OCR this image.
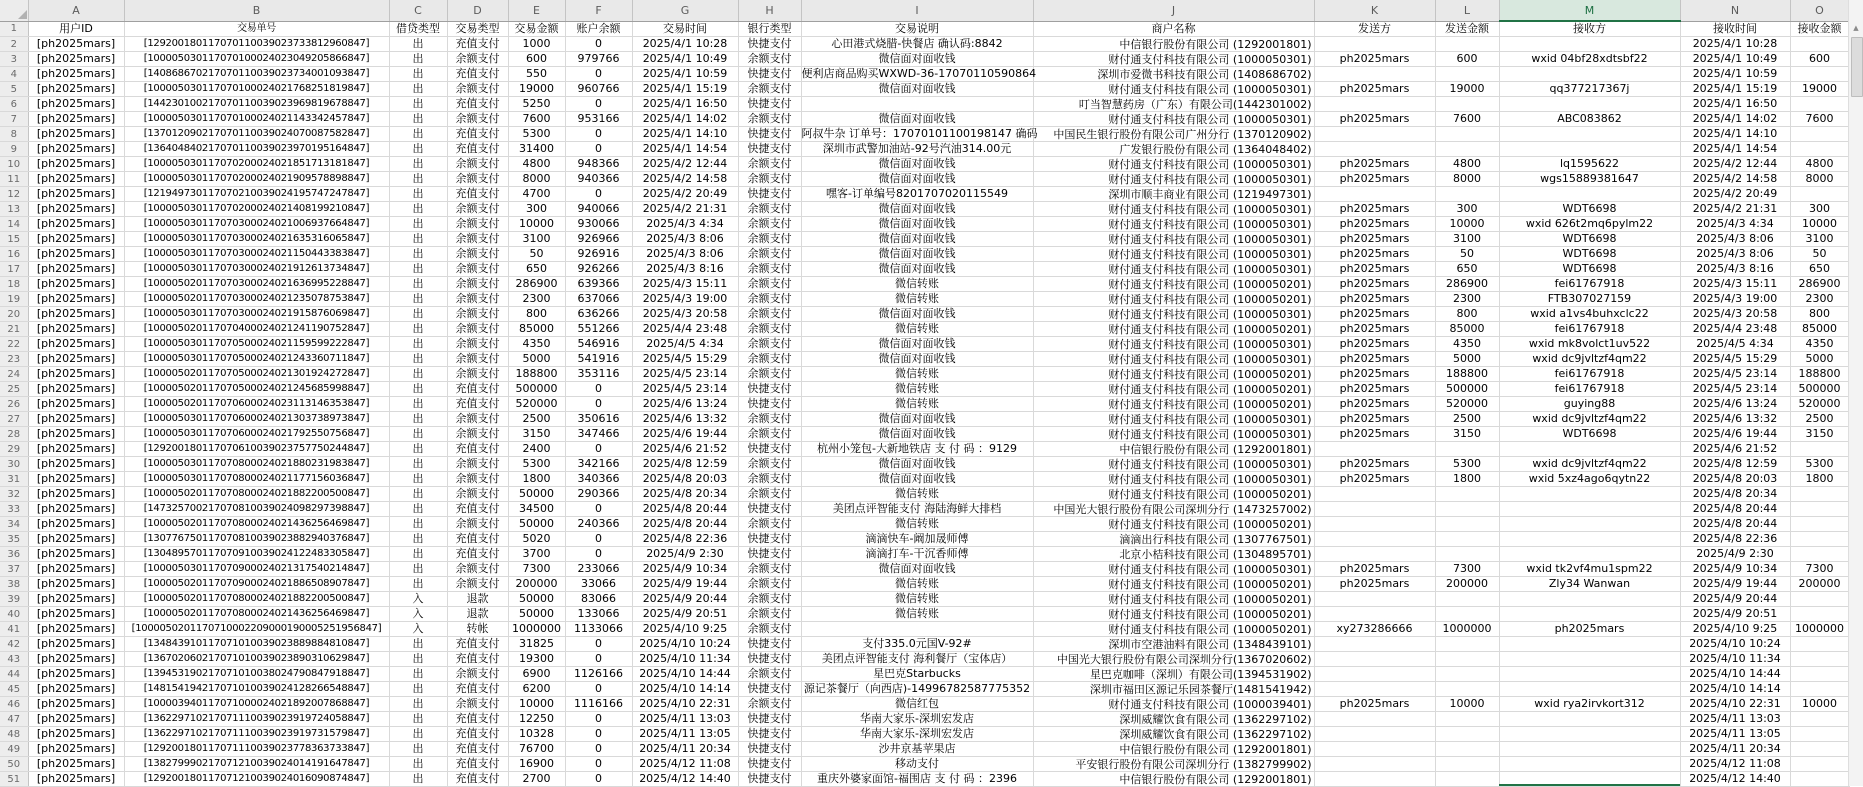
	A	B	C	D	E	F	G	H	I	J	K	L	M	N	O
1	用户ID	交易单号	借贷类型	交易类型	交易金额	账户余额	交易时间	银行类型	交易说明	商户名称	发送方	发送金额	接收方	接收时间	接收金额
2	[ph2025mars]	[129200180117070110039023733812960847]	出	充值支付	1000	0	2025/4/1 10:28	快捷支付	心田港式烧腊-快餐店 确认码:8842	中信银行股份有限公司 (1292001801)				2025/4/1 10:28	
3	[ph2025mars]	[100005030117070100024023049205866847]	出	余额支付	600	979766	2025/4/1 10:49	余额支付	微信面对面收钱	财付通支付科技有限公司 (1000050301)	ph2025mars	600	wxid 04bf28xdtsbf22	2025/4/1 10:49	600
4	[ph2025mars]	[140868670217070110039023734001093847]	出	充值支付	550	0	2025/4/1 10:59	快捷支付	便利店商品购买WXWD-36-17070110590864	深圳市爱微书科技有限公司 (1408686702)				2025/4/1 10:59	
5	[ph2025mars]	[100005030117070100024021768251819847]	出	余额支付	19000	960766	2025/4/1 15:19	余额支付	微信面对面收钱	财付通支付科技有限公司 (1000050301)	ph2025mars	19000	qq377217367j	2025/4/1 15:19	19000
6	[ph2025mars]	[144230100217070110039023969819678847]	出	充值支付	5250	0	2025/4/1 16:50	快捷支付		叮当智慧药房（广东）有限公司(1442301002)				2025/4/1 16:50	
7	[ph2025mars]	[100005030117070100024021143342457847]	出	余额支付	7600	953166	2025/4/1 14:02	余额支付	微信面对面收钱	财付通支付科技有限公司 (1000050301)	ph2025mars	7600	ABC083862	2025/4/1 14:02	7600
8	[ph2025mars]	[137012090217070110039024070087582847]	出	充值支付	5300	0	2025/4/1 14:10	快捷支付	阿叔牛杂 订单号：17070101100198147 确码	中国民生银行股份有限公司广州分行 (1370120902)				2025/4/1 14:10	
9	[ph2025mars]	[136404840217070110039023970195164847]	出	充值支付	31400	0	2025/4/1 14:54	快捷支付	深圳市武警加油站-92号汽油314.00元	广发银行股份有限公司 (1364048402)				2025/4/1 14:54	
10	[ph2025mars]	[100005030117070200024021851713181847]	出	余额支付	4800	948366	2025/4/2 12:44	余额支付	微信面对面收钱	财付通支付科技有限公司 (1000050301)	ph2025mars	4800	lq1595622	2025/4/2 12:44	4800
11	[ph2025mars]	[100005030117070200024021909578898847]	出	余额支付	8000	940366	2025/4/2 14:58	余额支付	微信面对面收钱	财付通支付科技有限公司 (1000050301)	ph2025mars	8000	wgs15889381647	2025/4/2 14:58	8000
12	[ph2025mars]	[121949730117070210039024195747247847]	出	充值支付	4700	0	2025/4/2 20:49	快捷支付	嘿客-订单编号8201707020115549	深圳市顺丰商业有限公司 (1219497301)				2025/4/2 20:49	
13	[ph2025mars]	[100005030117070200024021408199210847]	出	余额支付	300	940066	2025/4/2 21:31	余额支付	微信面对面收钱	财付通支付科技有限公司 (1000050301)	ph2025mars	300	WDT6698	2025/4/2 21:31	300
14	[ph2025mars]	[100005030117070300024021006937664847]	出	余额支付	10000	930066	2025/4/3 4:34	余额支付	微信面对面收钱	财付通支付科技有限公司 (1000050301)	ph2025mars	10000	wxid 626t2mq6pylm22	2025/4/3 4:34	10000
15	[ph2025mars]	[100005030117070300024021635316065847]	出	余额支付	3100	926966	2025/4/3 8:06	余额支付	微信面对面收钱	财付通支付科技有限公司 (1000050301)	ph2025mars	3100	WDT6698	2025/4/3 8:06	3100
16	[ph2025mars]	[100005030117070300024021150443383847]	出	余额支付	50	926916	2025/4/3 8:06	余额支付	微信面对面收钱	财付通支付科技有限公司 (1000050301)	ph2025mars	50	WDT6698	2025/4/3 8:06	50
17	[ph2025mars]	[100005030117070300024021912613734847]	出	余额支付	650	926266	2025/4/3 8:16	余额支付	微信面对面收钱	财付通支付科技有限公司 (1000050301)	ph2025mars	650	WDT6698	2025/4/3 8:16	650
18	[ph2025mars]	[100005020117070300024021636995228847]	出	余额支付	286900	639366	2025/4/3 15:11	余额支付	微信转账	财付通支付科技有限公司 (1000050201)	ph2025mars	286900	fei61767918	2025/4/3 15:11	286900
19	[ph2025mars]	[100005020117070300024021235078753847]	出	余额支付	2300	637066	2025/4/3 19:00	余额支付	微信转账	财付通支付科技有限公司 (1000050201)	ph2025mars	2300	FTB307027159	2025/4/3 19:00	2300
20	[ph2025mars]	[100005030117070300024021915876069847]	出	余额支付	800	636266	2025/4/3 20:58	余额支付	微信面对面收钱	财付通支付科技有限公司 (1000050301)	ph2025mars	800	wxid a1vs4buhxclc22	2025/4/3 20:58	800
21	[ph2025mars]	[100005020117070400024021241190752847]	出	余额支付	85000	551266	2025/4/4 23:48	余额支付	微信转账	财付通支付科技有限公司 (1000050201)	ph2025mars	85000	fei61767918	2025/4/4 23:48	85000
22	[ph2025mars]	[100005030117070500024021159599222847]	出	余额支付	4350	546916	2025/4/5 4:34	余额支付	微信面对面收钱	财付通支付科技有限公司 (1000050301)	ph2025mars	4350	wxid mk8volct1uv522	2025/4/5 4:34	4350
23	[ph2025mars]	[100005030117070500024021243360711847]	出	余额支付	5000	541916	2025/4/5 15:29	余额支付	微信面对面收钱	财付通支付科技有限公司 (1000050301)	ph2025mars	5000	wxid dc9jvltzf4qm22	2025/4/5 15:29	5000
24	[ph2025mars]	[100005020117070500024021301924272847]	出	余额支付	188800	353116	2025/4/5 23:14	余额支付	微信转账	财付通支付科技有限公司 (1000050201)	ph2025mars	188800	fei61767918	2025/4/5 23:14	188800
25	[ph2025mars]	[100005020117070500024021245685998847]	出	充值支付	500000	0	2025/4/5 23:14	快捷支付	微信转账	财付通支付科技有限公司 (1000050201)	ph2025mars	500000	fei61767918	2025/4/5 23:14	500000
26	[ph2025mars]	[100005020117070600024023113146353847]	出	充值支付	520000	0	2025/4/6 13:24	快捷支付	微信转账	财付通支付科技有限公司 (1000050201)	ph2025mars	520000	guying88	2025/4/6 13:24	520000
27	[ph2025mars]	[100005030117070600024021303738973847]	出	余额支付	2500	350616	2025/4/6 13:32	余额支付	微信面对面收钱	财付通支付科技有限公司 (1000050301)	ph2025mars	2500	wxid dc9jvltzf4qm22	2025/4/6 13:32	2500
28	[ph2025mars]	[100005030117070600024021792550756847]	出	余额支付	3150	347466	2025/4/6 19:44	余额支付	微信面对面收钱	财付通支付科技有限公司 (1000050301)	ph2025mars	3150	WDT6698	2025/4/6 19:44	3150
29	[ph2025mars]	[129200180117070610039023757750244847]	出	充值支付	2400	0	2025/4/6 21:52	快捷支付	杭州小笼包-大新地铁店 支 付 码 ：9129	中信银行股份有限公司 (1292001801)				2025/4/6 21:52	
30	[ph2025mars]	[100005030117070800024021880231983847]	出	余额支付	5300	342166	2025/4/8 12:59	余额支付	微信面对面收钱	财付通支付科技有限公司 (1000050301)	ph2025mars	5300	wxid dc9jvltzf4qm22	2025/4/8 12:59	5300
31	[ph2025mars]	[100005030117070800024021177156036847]	出	余额支付	1800	340366	2025/4/8 20:03	余额支付	微信面对面收钱	财付通支付科技有限公司 (1000050301)	ph2025mars	1800	wxid 5xz4ago6qytn22	2025/4/8 20:03	1800
32	[ph2025mars]	[100005020117070800024021882200500847]	出	余额支付	50000	290366	2025/4/8 20:34	余额支付	微信转账	财付通支付科技有限公司 (1000050201)				2025/4/8 20:34	
33	[ph2025mars]	[147325700217070810039024098297398847]	出	充值支付	34500	0	2025/4/8 20:44	快捷支付	美团点评智能支付 海陆海鲜大排档	中国光大银行股份有限公司深圳分行 (1473257002)				2025/4/8 20:44	
34	[ph2025mars]	[100005020117070800024021436256469847]	出	余额支付	50000	240366	2025/4/8 20:44	余额支付	微信转账	财付通支付科技有限公司 (1000050201)				2025/4/8 20:44	
35	[ph2025mars]	[130776750117070810039023882940376847]	出	充值支付	5020	0	2025/4/8 22:36	快捷支付	滴滴快车-阚加晟师傅	滴滴出行科技有限公司 (1307767501)				2025/4/8 22:36	
36	[ph2025mars]	[130489570117070910039024122483305847]	出	充值支付	3700	0	2025/4/9 2:30	快捷支付	滴滴打车-干沉香师傅	北京小桔科技有限公司 (1304895701)				2025/4/9 2:30	
37	[ph2025mars]	[100005030117070900024021317540214847]	出	余额支付	7300	233066	2025/4/9 10:34	余额支付	微信面对面收钱	财付通支付科技有限公司 (1000050301)	ph2025mars	7300	wxid tk2vf4mu1spm22	2025/4/9 10:34	7300
38	[ph2025mars]	[100005020117070900024021886508907847]	出	余额支付	200000	33066	2025/4/9 19:44	余额支付	微信转账	财付通支付科技有限公司 (1000050201)	ph2025mars	200000	Zly34 Wanwan	2025/4/9 19:44	200000
39	[ph2025mars]	[100005020117070800024021882200500847]	入	退款	50000	83066	2025/4/9 20:44	余额支付	微信转账	财付通支付科技有限公司 (1000050201)				2025/4/9 20:44	
40	[ph2025mars]	[100005020117070800024021436256469847]	入	退款	50000	133066	2025/4/9 20:51	余额支付	微信转账	财付通支付科技有限公司 (1000050201)				2025/4/9 20:51	
41	[ph2025mars]	[1000050201170710002209000190005251956847]	入	转帐	1000000	1133066	2025/4/10 9:25	余额支付		财付通支付科技有限公司 (1000050201)	xy273286666	1000000	ph2025mars	2025/4/10 9:25	1000000
42	[ph2025mars]	[134843910117071010039023889884810847]	出	充值支付	31825	0	2025/4/10 10:24	快捷支付	支付335.0元国V-92#	深圳市空港油料有限公司 (1348439101)				2025/4/10 10:24	
43	[ph2025mars]	[136702060217071010039023890310629847]	出	充值支付	19300	0	2025/4/10 11:34	快捷支付	美团点评智能支付 海利餐厅（宝体店）	中国光大银行股份有限公司深圳分行(1367020602)				2025/4/10 11:34	
44	[ph2025mars]	[139453190217071010038024790847918847]	出	余额支付	6900	1126166	2025/4/10 14:44	余额支付	星巴克Starbucks	星巴克咖啡（深圳）有限公司(1394531902)				2025/4/10 14:44	
45	[ph2025mars]	[148154194217071010039024128266548847]	出	充值支付	6200	0	2025/4/10 14:14	快捷支付	源记茶餐厅（向西店)-14996782587775352	深圳市福田区源记乐园茶餐厅(1481541942)				2025/4/10 14:14	
46	[ph2025mars]	[100003940117071000024021892007868847]	出	余额支付	10000	1116166	2025/4/10 22:31	余额支付	微信红包	财付通支付科技有限公司 (1000039401)	ph2025mars	10000	wxid rya2irvkort312	2025/4/10 22:31	10000
47	[ph2025mars]	[136229710217071110039023919724058847]	出	充值支付	12250	0	2025/4/11 13:03	快捷支付	华南大家乐-深圳宏发店	深圳威耀饮食有限公司 (1362297102)				2025/4/11 13:03	
48	[ph2025mars]	[136229710217071110039023919731579847]	出	充值支付	10328	0	2025/4/11 13:05	快捷支付	华南大家乐-深圳宏发店	深圳威耀饮食有限公司 (1362297102)				2025/4/11 13:05	
49	[ph2025mars]	[129200180117071110039023778363733847]	出	充值支付	76700	0	2025/4/11 20:34	快捷支付	沙井京基苹果店	中信银行股份有限公司 (1292001801)				2025/4/11 20:34	
50	[ph2025mars]	[138279990217071210039024014191647847]	出	充值支付	16900	0	2025/4/12 11:08	快捷支付	移动支付	平安银行股份有限公司深圳分行 (1382799902)				2025/4/12 11:08	
51	[ph2025mars]	[129200180117071210039024016090874847]	出	充值支付	2700	0	2025/4/12 14:40	快捷支付	重庆外婆家面馆-福围店 支 付 码 ：2396	中信银行股份有限公司 (1292001801)				2025/4/12 14:40	
▲
